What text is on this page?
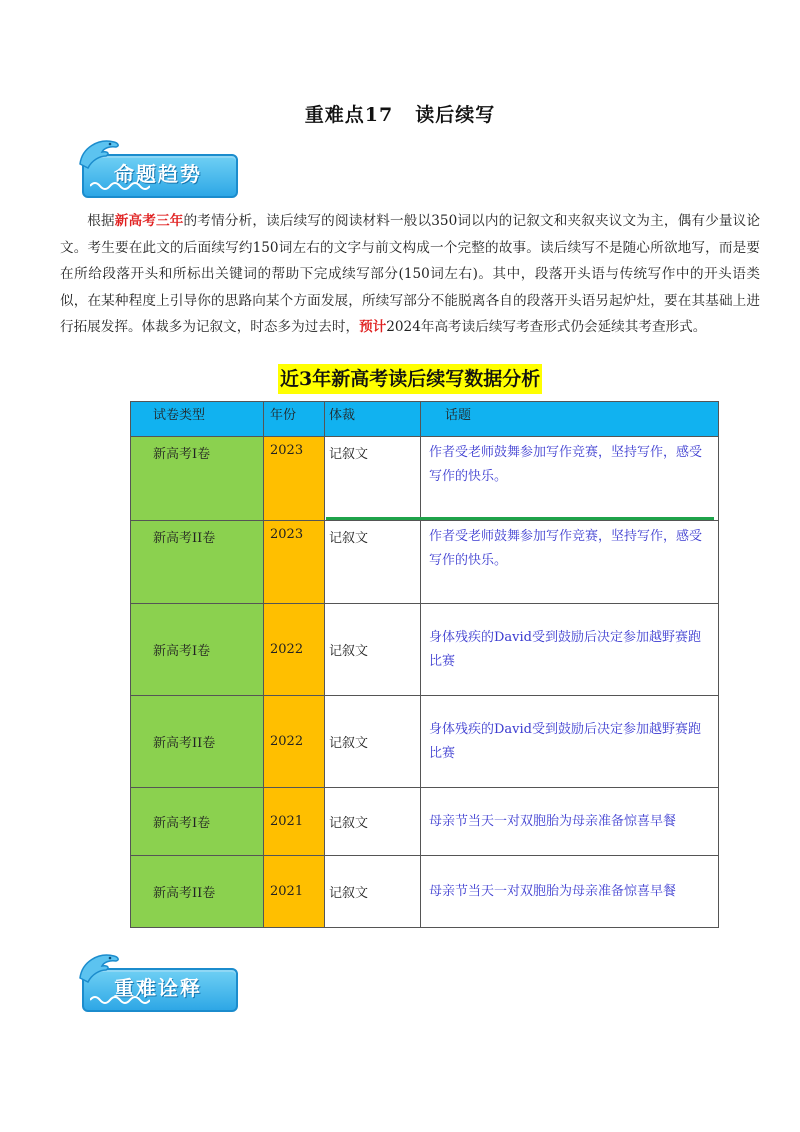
重难点17 读后续写
命题趋势
根据新高考三年的考情分析，读后续写的阅读材料一般以350词以内的记叙文和夹叙夹议文为主，偶有少量议论文。考生要在此文的后面续写约150词左右的文字与前文构成一个完整的故事。读后续写不是随心所欲地写，而是要在所给段落开头和所标出关键词的帮助下完成续写部分(150词左右)。其中，段落开头语与传统写作中的开头语类似，在某种程度上引导你的思路向某个方面发展，所续写部分不能脱离各自的段落开头语另起炉灶，要在其基础上进行拓展发挥。体裁多为记叙文，时态多为过去时，预计2024年高考读后续写考查形式仍会延续其考查形式。
近3年新高考读后续写数据分析
试卷类型	年份	体裁	话题

新高考I卷	2023	记叙文	作者受老师鼓舞参加写作竞赛，坚持写作，感受写作的快乐。

新高考II卷	2023	记叙文	作者受老师鼓舞参加写作竞赛，坚持写作，感受写作的快乐。

新高考I卷	2022	记叙文	身体残疾的David受到鼓励后决定参加越野赛跑比赛

新高考II卷	2022	记叙文	身体残疾的David受到鼓励后决定参加越野赛跑比赛

新高考I卷	2021	记叙文	母亲节当天一对双胞胎为母亲准备惊喜早餐

新高考II卷	2021	记叙文	母亲节当天一对双胞胎为母亲准备惊喜早餐
重难诠释
